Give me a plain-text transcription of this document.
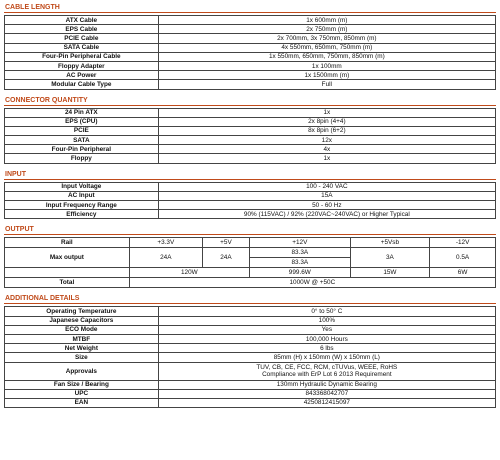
CABLE LENGTH
ATX Cable	1x 600mm (m)
EPS Cable	2x 750mm (m)
PCIE Cable	2x 700mm, 3x 750mm, 850mm (m)
SATA Cable	4x 550mm, 650mm, 750mm (m)
Four-Pin Peripheral Cable	1x 550mm, 650mm, 750mm, 850mm (m)
Floppy Adapter	1x 100mm
AC Power	1x 1500mm (m)
Modular Cable Type	Full
CONNECTOR QUANTITY
24 Pin ATX	1x
EPS (CPU)	2x 8pin (4+4)
PCIE	8x 8pin (6+2)
SATA	12x
Four-Pin Peripheral	4x
Floppy	1x
INPUT
Input Voltage	100 - 240 VAC
AC Input	15A
Input Frequency Range	50 - 60 Hz
Efficiency	90% (115VAC) / 92% (220VAC~240VAC) or Higher Typical
OUTPUT
Rail	+3.3V	+5V	+12V	+5Vsb	-12V
Max output	24A	24A	83.3A	3A	0.5A
			83.3A		
	120W		999.6W	15W	6W
Total	1000W @ +50C				
ADDITIONAL DETAILS
Operating Temperature	0° to 50° C
Japanese Capacitors	100%
ECO Mode	Yes
MTBF	100,000 Hours
Net Weight	6 lbs
Size	85mm (H) x 150mm (W) x 150mm (L)
Approvals	TUV, CB, CE, FCC, RCM, cTUVus, WEEE, RoHS
Compliance with ErP Lot 6 2013 Requirement

Fan Size / Bearing	130mm Hydraulic Dynamic Bearing
UPC	843368042707
EAN	4250812415097
